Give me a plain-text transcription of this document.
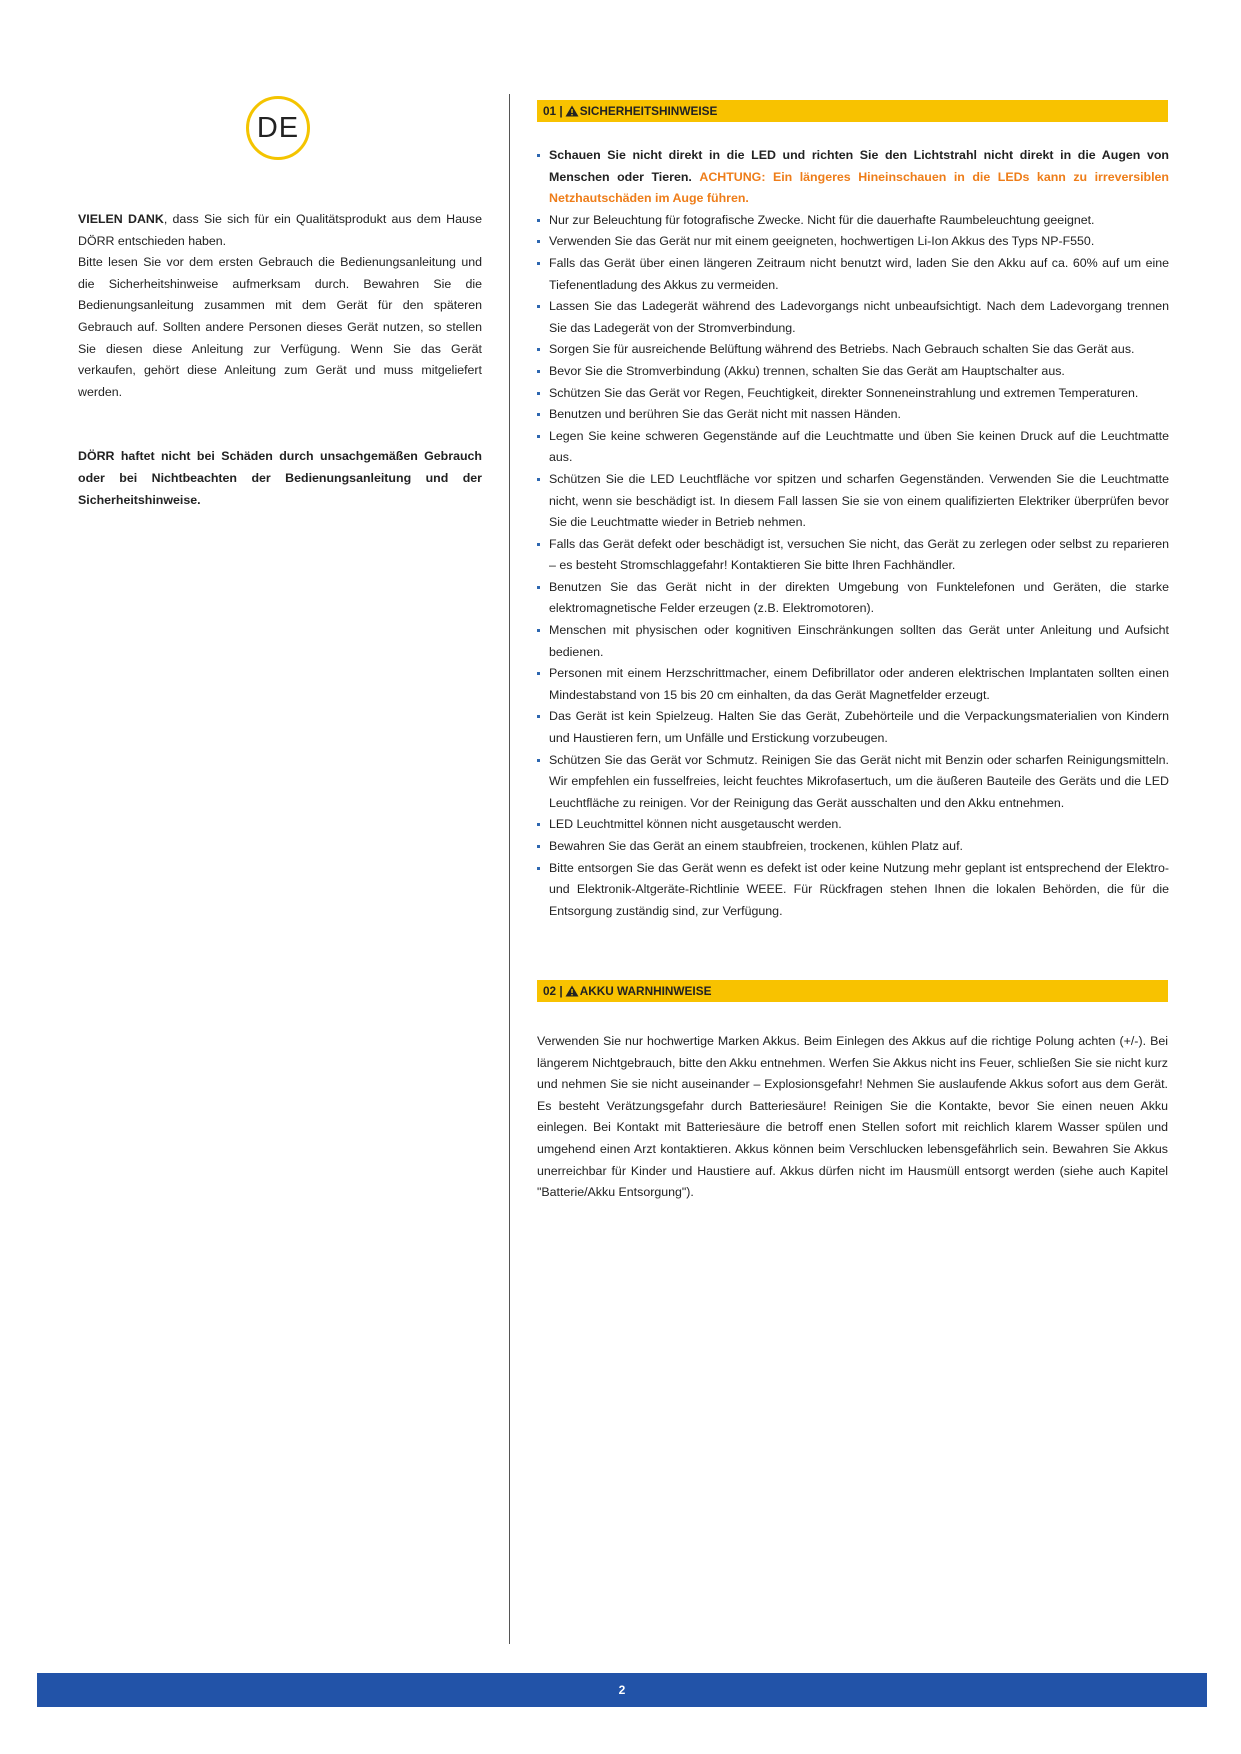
DE

VIELEN DANK, dass Sie sich für ein Qualitätsprodukt aus dem Hause DÖRR entschieden haben.

Bitte lesen Sie vor dem ersten Gebrauch die Bedienungsanleitung und die Sicherheitshinweise aufmerksam durch. Bewahren Sie die Bedienungsanleitung zusammen mit dem Gerät für den späteren Gebrauch auf. Sollten andere Personen dieses Gerät nutzen, so stellen Sie diesen diese Anleitung zur Verfügung. Wenn Sie das Gerät verkaufen, gehört diese Anleitung zum Gerät und muss mitgeliefert werden.

DÖRR haftet nicht bei Schäden durch unsachgemäßen Gebrauch oder bei Nichtbeachten der Bedienungsanleitung und der Sicherheitshinweise.

01 | SICHERHEITSHINWEISE
Schauen Sie nicht direkt in die LED und richten Sie den Lichtstrahl nicht direkt in die Augen von Menschen oder Tieren. ACHTUNG: Ein längeres Hineinschauen in die LEDs kann zu irreversiblen Netzhautschäden im Auge führen.
Nur zur Beleuchtung für fotografische Zwecke. Nicht für die dauerhafte Raumbeleuchtung geeignet.
Verwenden Sie das Gerät nur mit einem geeigneten, hochwertigen Li-Ion Akkus des Typs NP-F550.
Falls das Gerät über einen längeren Zeitraum nicht benutzt wird, laden Sie den Akku auf ca. 60% auf um eine Tiefenentladung des Akkus zu vermeiden.
Lassen Sie das Ladegerät während des Ladevorgangs nicht unbeaufsichtigt. Nach dem Ladevorgang trennen Sie das Ladegerät von der Stromverbindung.
Sorgen Sie für ausreichende Belüftung während des Betriebs. Nach Gebrauch schalten Sie das Gerät aus.
Bevor Sie die Stromverbindung (Akku) trennen, schalten Sie das Gerät am Hauptschalter aus.
Schützen Sie das Gerät vor Regen, Feuchtigkeit, direkter Sonneneinstrahlung und extremen Temperaturen.
Benutzen und berühren Sie das Gerät nicht mit nassen Händen.
Legen Sie keine schweren Gegenstände auf die Leuchtmatte und üben Sie keinen Druck auf die Leuchtmatte aus.
Schützen Sie die LED Leuchtfläche vor spitzen und scharfen Gegenständen. Verwenden Sie die Leuchtmatte nicht, wenn sie beschädigt ist. In diesem Fall lassen Sie sie von einem qualifizierten Elektriker überprüfen bevor Sie die Leuchtmatte wieder in Betrieb nehmen.
Falls das Gerät defekt oder beschädigt ist, versuchen Sie nicht, das Gerät zu zerlegen oder selbst zu reparieren – es besteht Stromschlaggefahr! Kontaktieren Sie bitte Ihren Fachhändler.
Benutzen Sie das Gerät nicht in der direkten Umgebung von Funktelefonen und Geräten, die starke elektromagnetische Felder erzeugen (z.B. Elektromotoren).
Menschen mit physischen oder kognitiven Einschränkungen sollten das Gerät unter Anleitung und Aufsicht bedienen.
Personen mit einem Herzschrittmacher, einem Defibrillator oder anderen elektrischen Implantaten sollten einen Mindestabstand von 15 bis 20 cm einhalten, da das Gerät Magnetfelder erzeugt.
Das Gerät ist kein Spielzeug. Halten Sie das Gerät, Zubehörteile und die Verpackungsmaterialien von Kindern und Haustieren fern, um Unfälle und Erstickung vorzubeugen.
Schützen Sie das Gerät vor Schmutz. Reinigen Sie das Gerät nicht mit Benzin oder scharfen Reinigungsmitteln. Wir empfehlen ein fusselfreies, leicht feuchtes Mikrofasertuch, um die äußeren Bauteile des Geräts und die LED Leuchtfläche zu reinigen. Vor der Reinigung das Gerät ausschalten und den Akku entnehmen.
LED Leuchtmittel können nicht ausgetauscht werden.
Bewahren Sie das Gerät an einem staubfreien, trockenen, kühlen Platz auf.
Bitte entsorgen Sie das Gerät wenn es defekt ist oder keine Nutzung mehr geplant ist entsprechend der Elektro- und Elektronik-Altgeräte-Richtlinie WEEE. Für Rückfragen stehen Ihnen die lokalen Behörden, die für die Entsorgung zuständig sind, zur Verfügung.
02 | AKKU WARNHINWEISE

Verwenden Sie nur hochwertige Marken Akkus. Beim Einlegen des Akkus auf die richtige Polung achten (+/-). Bei längerem Nichtgebrauch, bitte den Akku entnehmen. Werfen Sie Akkus nicht ins Feuer, schließen Sie sie nicht kurz und nehmen Sie sie nicht auseinander – Explosionsgefahr! Nehmen Sie auslaufende Akkus sofort aus dem Gerät. Es besteht Verätzungsgefahr durch Batteriesäure! Reinigen Sie die Kontakte, bevor Sie einen neuen Akku einlegen. Bei Kontakt mit Batteriesäure die betroff enen Stellen sofort mit reichlich klarem Wasser spülen und umgehend einen Arzt kontaktieren. Akkus können beim Verschlucken lebensgefährlich sein. Bewahren Sie Akkus unerreichbar für Kinder und Haustiere auf. Akkus dürfen nicht im Hausmüll entsorgt werden (siehe auch Kapitel "Batterie/Akku Entsorgung").

2
